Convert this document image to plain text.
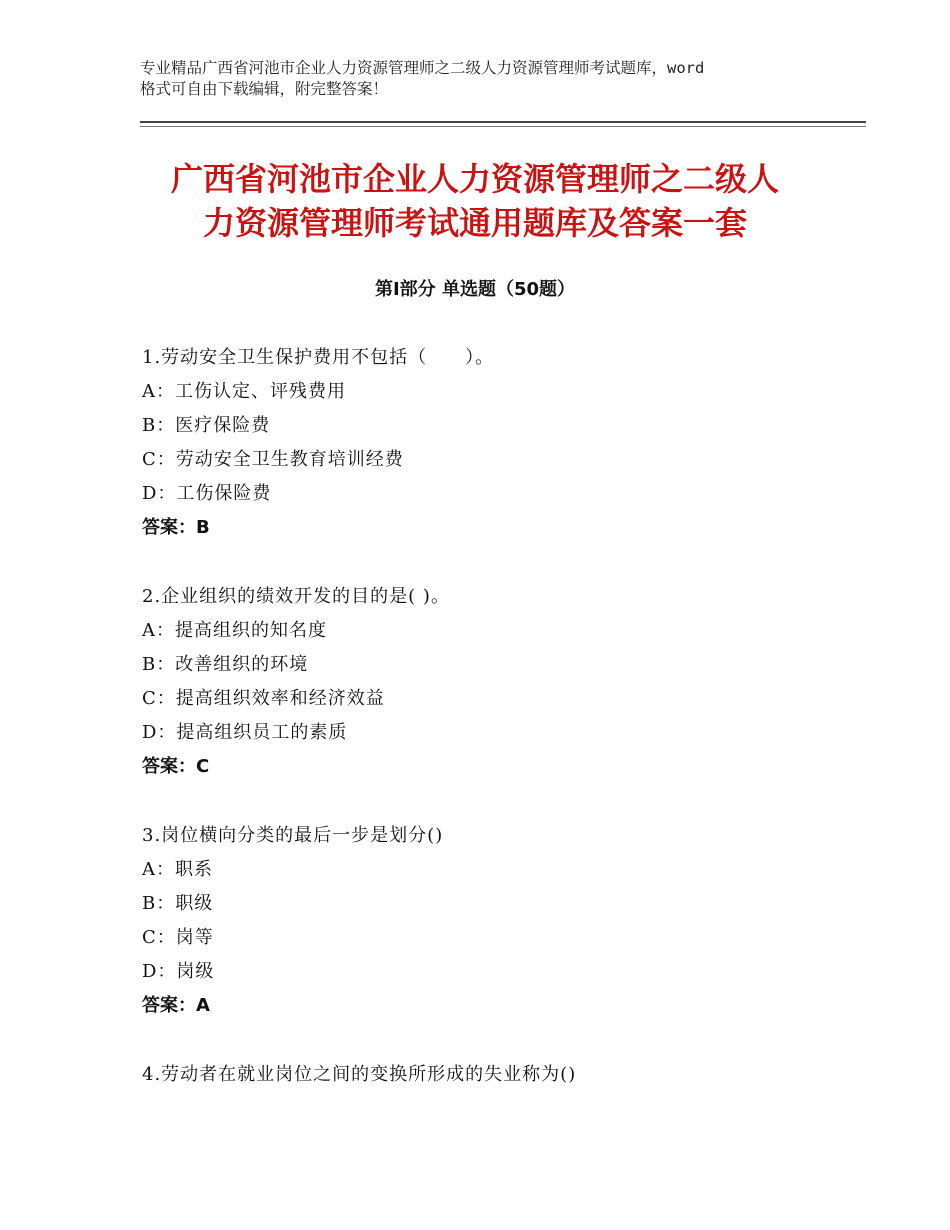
专业精品广西省河池市企业人力资源管理师之二级人力资源管理师考试题库，word
格式可自由下载编辑，附完整答案！
广西省河池市企业人力资源管理师之二级人
力资源管理师考试通用题库及答案一套
第Ⅰ部分 单选题（50题）
1.劳动安全卫生保护费用不包括（　　）。
A：工伤认定、评残费用
B：医疗保险费
C：劳动安全卫生教育培训经费
D：工伤保险费
答案：B
2.企业组织的绩效开发的目的是( )。
A：提高组织的知名度
B：改善组织的环境
C：提高组织效率和经济效益
D：提高组织员工的素质
答案：C
3.岗位横向分类的最后一步是划分()
A：职系
B：职级
C：岗等
D：岗级
答案：A
4.劳动者在就业岗位之间的变换所形成的失业称为()
